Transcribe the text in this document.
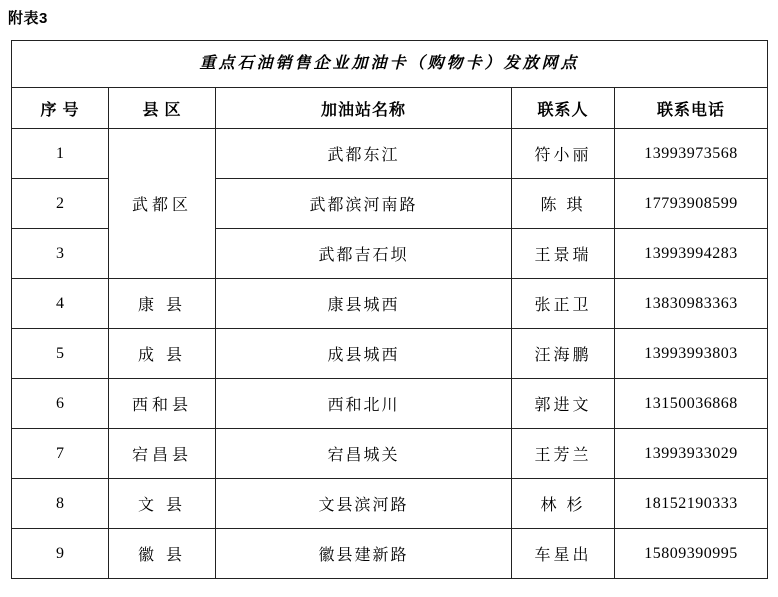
附表3
重点石油销售企业加油卡（购物卡）发放网点				

序 号	县 区	加油站名称	联系人	联系电话
1	武都区	武都东江	符小丽	13993973568
2		武都滨河南路	陈 琪	17793908599
3		武都吉石坝	王景瑞	13993994283
4	康 县	康县城西	张正卫	13830983363
5	成 县	成县城西	汪海鹏	13993993803
6	西和县	西和北川	郭进文	13150036868
7	宕昌县	宕昌城关	王芳兰	13993933029
8	文 县	文县滨河路	林 杉	18152190333
9	徽 县	徽县建新路	车星出	15809390995
